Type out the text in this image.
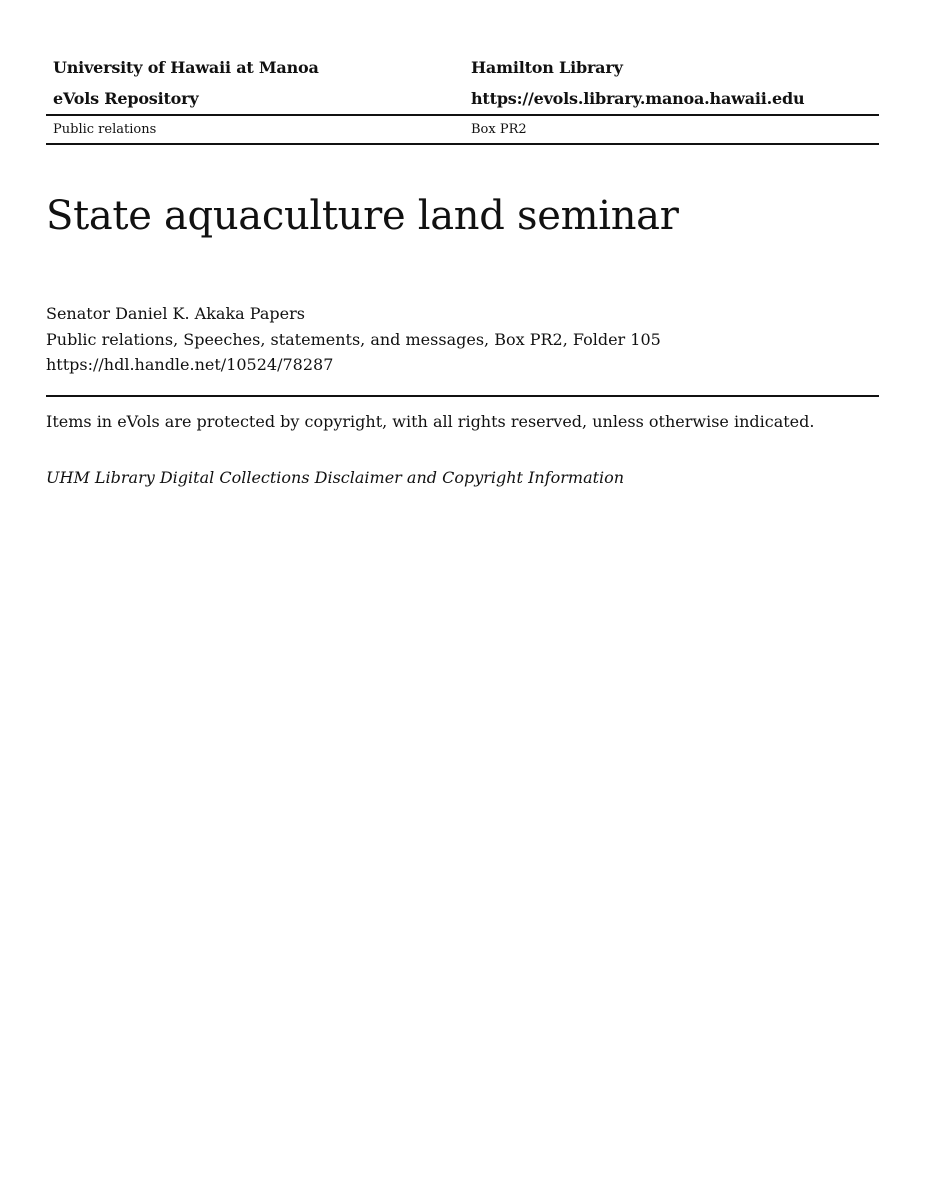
University of Hawaii at Manoa	Hamilton Library
eVols Repository	https://evols.library.manoa.hawaii.edu
Public relations	Box PR2
State aquaculture land seminar
Senator Daniel K. Akaka Papers
Public relations, Speeches, statements, and messages, Box PR2, Folder 105
https://hdl.handle.net/10524/78287
Items in eVols are protected by copyright, with all rights reserved, unless otherwise indicated.
UHM Library Digital Collections Disclaimer and Copyright Information
